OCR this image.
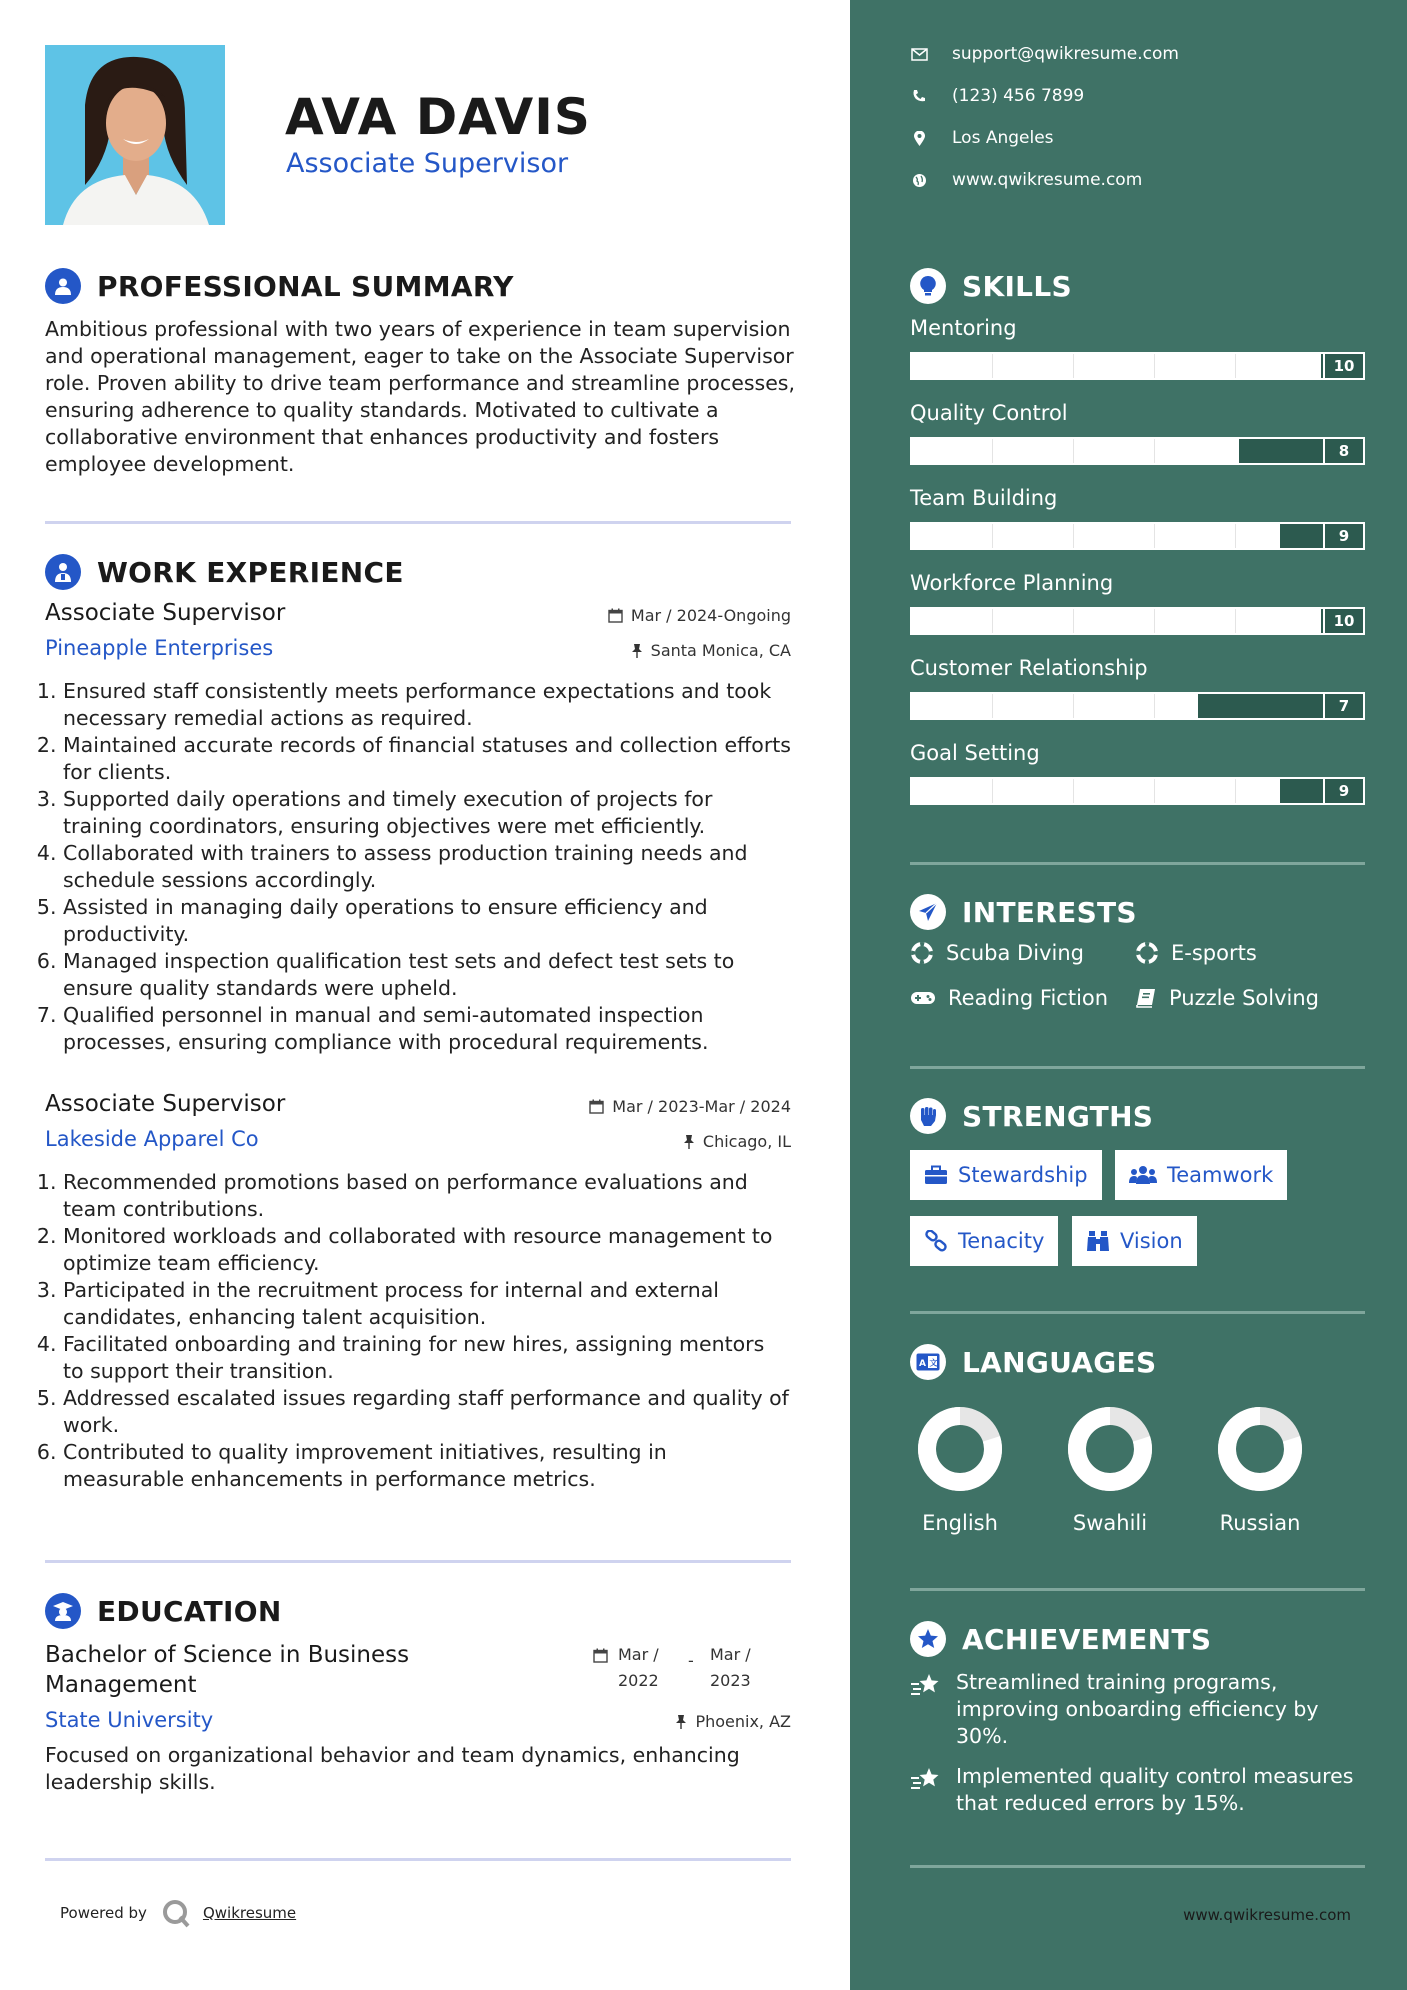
AVA DAVIS
Associate Supervisor
PROFESSIONAL SUMMARY
Ambitious professional with two years of experience in team supervision and operational management, eager to take on the Associate Supervisor role. Proven ability to drive team performance and streamline processes, ensuring adherence to quality standards. Motivated to cultivate a collaborative environment that enhances productivity and fosters employee development.
WORK EXPERIENCE
Associate Supervisor
Pineapple Enterprises
Mar / 2024-Ongoing
Santa Monica, CA
1. Ensured staff consistently meets performance expectations and took necessary remedial actions as required.
2. Maintained accurate records of financial statuses and collection efforts for clients.
3. Supported daily operations and timely execution of projects for training coordinators, ensuring objectives were met efficiently.
4. Collaborated with trainers to assess production training needs and schedule sessions accordingly.
5. Assisted in managing daily operations to ensure efficiency and productivity.
6. Managed inspection qualification test sets and defect test sets to ensure quality standards were upheld.
7. Qualified personnel in manual and semi-automated inspection processes, ensuring compliance with procedural requirements.
Associate Supervisor
Lakeside Apparel Co
Mar / 2023-Mar / 2024
Chicago, IL
1. Recommended promotions based on performance evaluations and team contributions.
2. Monitored workloads and collaborated with resource management to optimize team efficiency.
3. Participated in the recruitment process for internal and external candidates, enhancing talent acquisition.
4. Facilitated onboarding and training for new hires, assigning mentors to support their transition.
5. Addressed escalated issues regarding staff performance and quality of work.
6. Contributed to quality improvement initiatives, resulting in measurable enhancements in performance metrics.
EDUCATION
Bachelor of Science in Business Management
State University
Focused on organizational behavior and team dynamics, enhancing leadership skills.
Mar /
2022
-	Mar /
2023
Phoenix, AZ
Powered by	Qwikresume
support@qwikresume.com
(123) 456 7899
Los Angeles
www.qwikresume.com
SKILLS
Mentoring
10
Quality Control
8
Team Building
9
Workforce Planning
10
Customer Relationship
7
Goal Setting
9
INTERESTS
Scuba Diving	E-sports
Reading Fiction	Puzzle Solving
STRENGTHS
Stewardship	Teamwork
Tenacity	Vision
A 文 LANGUAGES
English	Swahili	Russian
ACHIEVEMENTS
Streamlined training programs, improving onboarding efficiency by 30%.
Implemented quality control measures that reduced errors by 15%.
www.qwikresume.com
